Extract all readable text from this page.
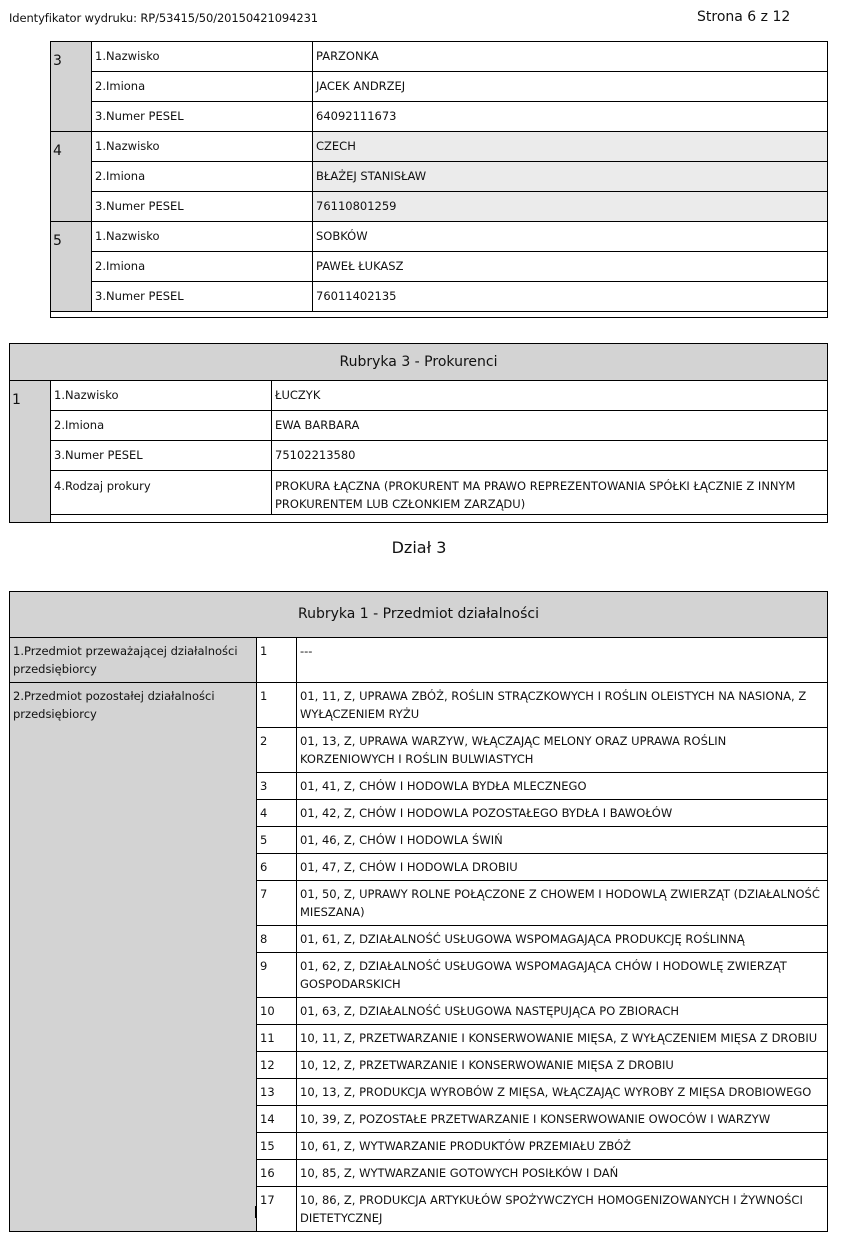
Identyfikator wydruku: RP/53415/50/20150421094231	Strona 6 z 12
3	1.Nazwisko	PARZONKA
	2.Imiona	JACEK ANDRZEJ
	3.Numer PESEL	64092111673
4	1.Nazwisko	CZECH
	2.Imiona	BŁAŻEJ STANISŁAW
	3.Numer PESEL	76110801259
5	1.Nazwisko	SOBKÓW
	2.Imiona	PAWEŁ ŁUKASZ
	3.Numer PESEL	76011402135

Rubryka 3 - Prokurenci		
1	1.Nazwisko	ŁUCZYK
	2.Imiona	EWA BARBARA
	3.Numer PESEL	75102213580
	4.Rodzaj prokury	PROKURA ŁĄCZNA (PROKURENT MA PRAWO REPREZENTOWANIA SPÓŁKI ŁĄCZNIE Z INNYM PROKURENTEM LUB CZŁONKIEM ZARZĄDU)

Dział 3
Rubryka 1 - Przedmiot działalności		
1.Przedmiot przeważającej działalności przedsiębiorcy	1	---
2.Przedmiot pozostałej działalności przedsiębiorcy	1	01, 11, Z, UPRAWA ZBÓŻ, ROŚLIN STRĄCZKOWYCH I ROŚLIN OLEISTYCH NA NASIONA, Z WYŁĄCZENIEM RYŻU
	2	01, 13, Z, UPRAWA WARZYW, WŁĄCZAJĄC MELONY ORAZ UPRAWA ROŚLIN KORZENIOWYCH I ROŚLIN BULWIASTYCH
	3	01, 41, Z, CHÓW I HODOWLA BYDŁA MLECZNEGO
	4	01, 42, Z, CHÓW I HODOWLA POZOSTAŁEGO BYDŁA I BAWOŁÓW
	5	01, 46, Z, CHÓW I HODOWLA ŚWIŃ
	6	01, 47, Z, CHÓW I HODOWLA DROBIU
	7	01, 50, Z, UPRAWY ROLNE POŁĄCZONE Z CHOWEM I HODOWLĄ ZWIERZĄT (DZIAŁALNOŚĆ MIESZANA)
	8	01, 61, Z, DZIAŁALNOŚĆ USŁUGOWA WSPOMAGAJĄCA PRODUKCJĘ ROŚLINNĄ
	9	01, 62, Z, DZIAŁALNOŚĆ USŁUGOWA WSPOMAGAJĄCA CHÓW I HODOWLĘ ZWIERZĄT GOSPODARSKICH
	10	01, 63, Z, DZIAŁALNOŚĆ USŁUGOWA NASTĘPUJĄCA PO ZBIORACH
	11	10, 11, Z, PRZETWARZANIE I KONSERWOWANIE MIĘSA, Z WYŁĄCZENIEM MIĘSA Z DROBIU
	12	10, 12, Z, PRZETWARZANIE I KONSERWOWANIE MIĘSA Z DROBIU
	13	10, 13, Z, PRODUKCJA WYROBÓW Z MIĘSA, WŁĄCZAJĄC WYROBY Z MIĘSA DROBIOWEGO
	14	10, 39, Z, POZOSTAŁE PRZETWARZANIE I KONSERWOWANIE OWOCÓW I WARZYW
	15	10, 61, Z, WYTWARZANIE PRODUKTÓW PRZEMIAŁU ZBÓŻ
	16	10, 85, Z, WYTWARZANIE GOTOWYCH POSIŁKÓW I DAŃ
	17	10, 86, Z, PRODUKCJA ARTYKUŁÓW SPOŻYWCZYCH HOMOGENIZOWANYCH I ŻYWNOŚCI DIETETYCZNEJ
